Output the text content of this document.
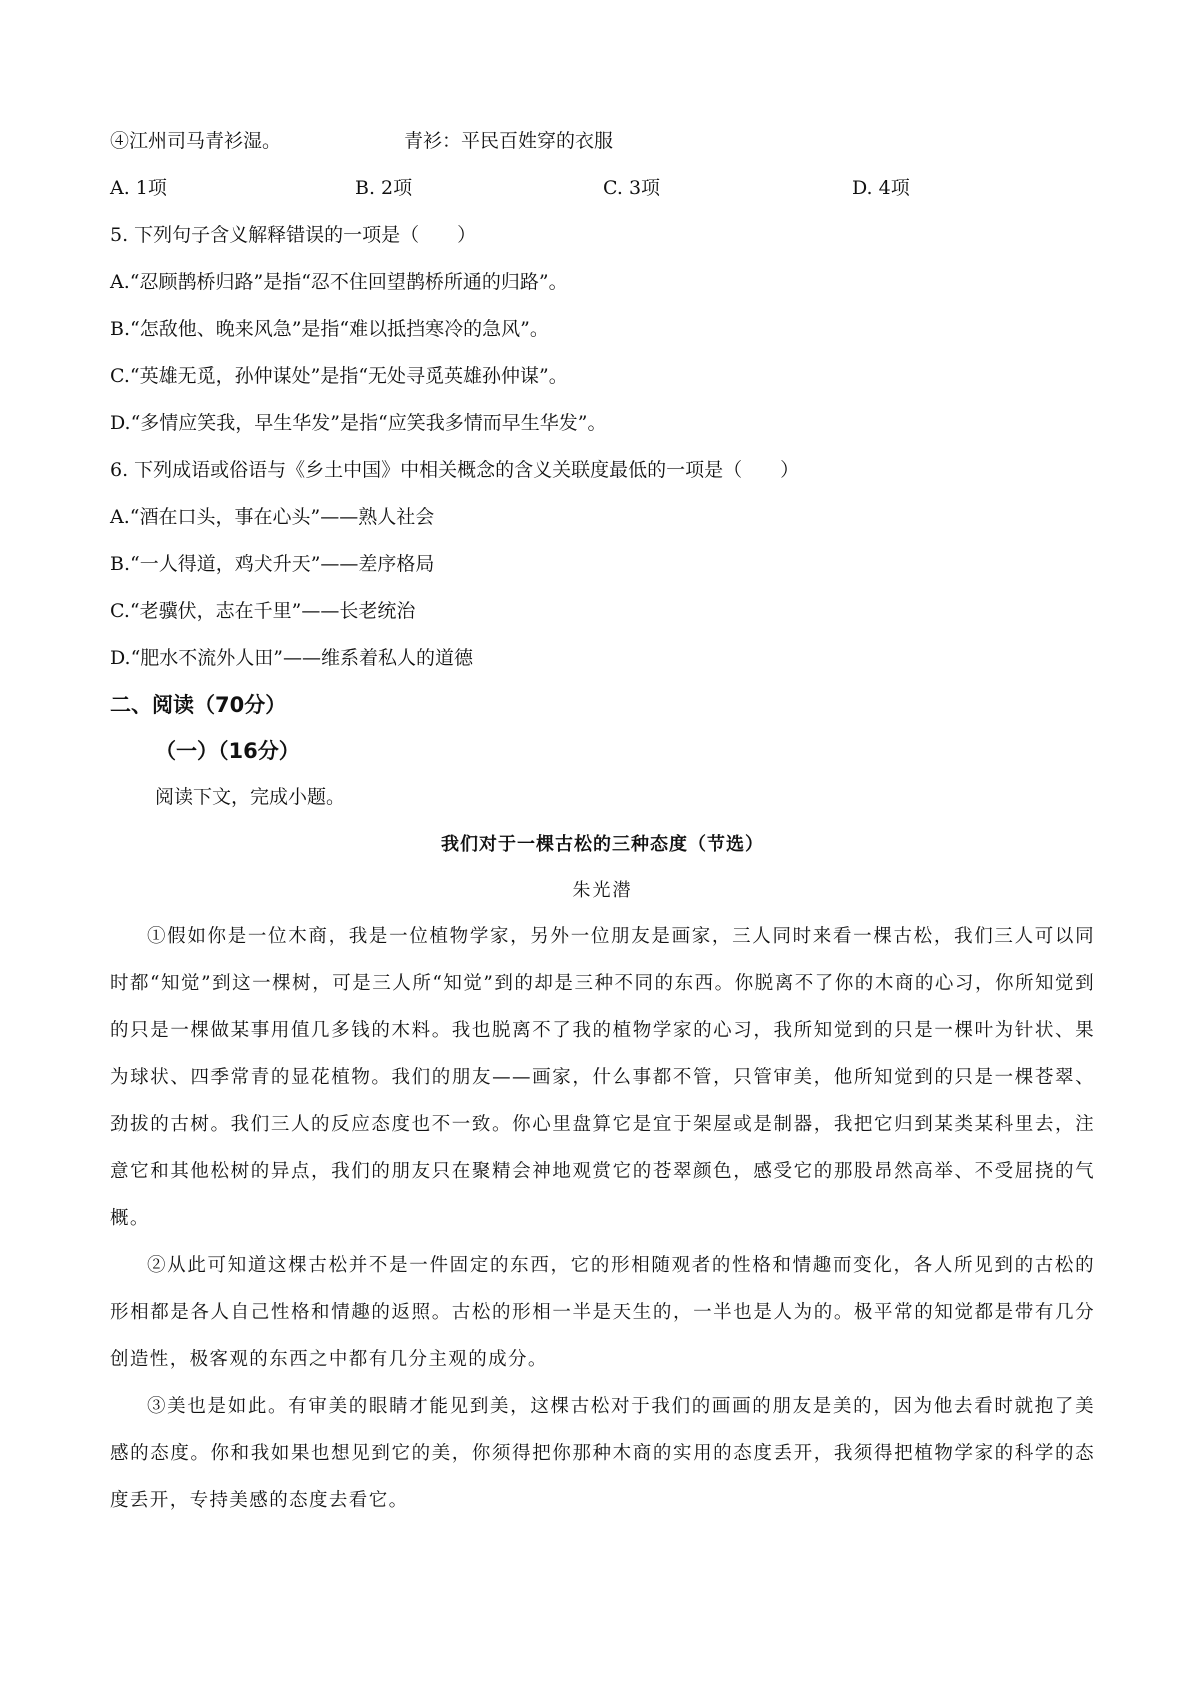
④江州司马青衫湿。	青衫：平民百姓穿的衣服
A. 1项	B. 2项	C. 3项	D. 4项
5. 下列句子含义解释错误的一项是（　　）
A.“忍顾鹊桥归路”是指“忍不住回望鹊桥所通的归路”。
B.“怎敌他、晚来风急”是指“难以抵挡寒冷的急风”。
C.“英雄无觅，孙仲谋处”是指“无处寻觅英雄孙仲谋”。
D.“多情应笑我，早生华发”是指“应笑我多情而早生华发”。
6. 下列成语或俗语与《乡土中国》中相关概念的含义关联度最低的一项是（　　）
A.“酒在口头，事在心头”——熟人社会
B.“一人得道，鸡犬升天”——差序格局
C.“老骥伏，志在千里”——长老统治
D.“肥水不流外人田”——维系着私人的道德
二、阅读（70分）
（一）（16分）
阅读下文，完成小题。
我们对于一棵古松的三种态度（节选）
朱光潜

①假如你是一位木商，我是一位植物学家，另外一位朋友是画家，三人同时来看一棵古松，我们三人可以同时都“知觉”到这一棵树，可是三人所“知觉”到的却是三种不同的东西。你脱离不了你的木商的心习，你所知觉到的只是一棵做某事用值几多钱的木料。我也脱离不了我的植物学家的心习，我所知觉到的只是一棵叶为针状、果为球状、四季常青的显花植物。我们的朋友——画家，什么事都不管，只管审美，他所知觉到的只是一棵苍翠、劲拔的古树。我们三人的反应态度也不一致。你心里盘算它是宜于架屋或是制器，我把它归到某类某科里去，注意它和其他松树的异点，我们的朋友只在聚精会神地观赏它的苍翠颜色，感受它的那股昂然高举、不受屈挠的气概。

②从此可知道这棵古松并不是一件固定的东西，它的形相随观者的性格和情趣而变化，各人所见到的古松的形相都是各人自己性格和情趣的返照。古松的形相一半是天生的，一半也是人为的。极平常的知觉都是带有几分创造性，极客观的东西之中都有几分主观的成分。

③美也是如此。有审美的眼睛才能见到美，这棵古松对于我们的画画的朋友是美的，因为他去看时就抱了美感的态度。你和我如果也想见到它的美，你须得把你那种木商的实用的态度丢开，我须得把植物学家的科学的态度丢开，专持美感的态度去看它。
